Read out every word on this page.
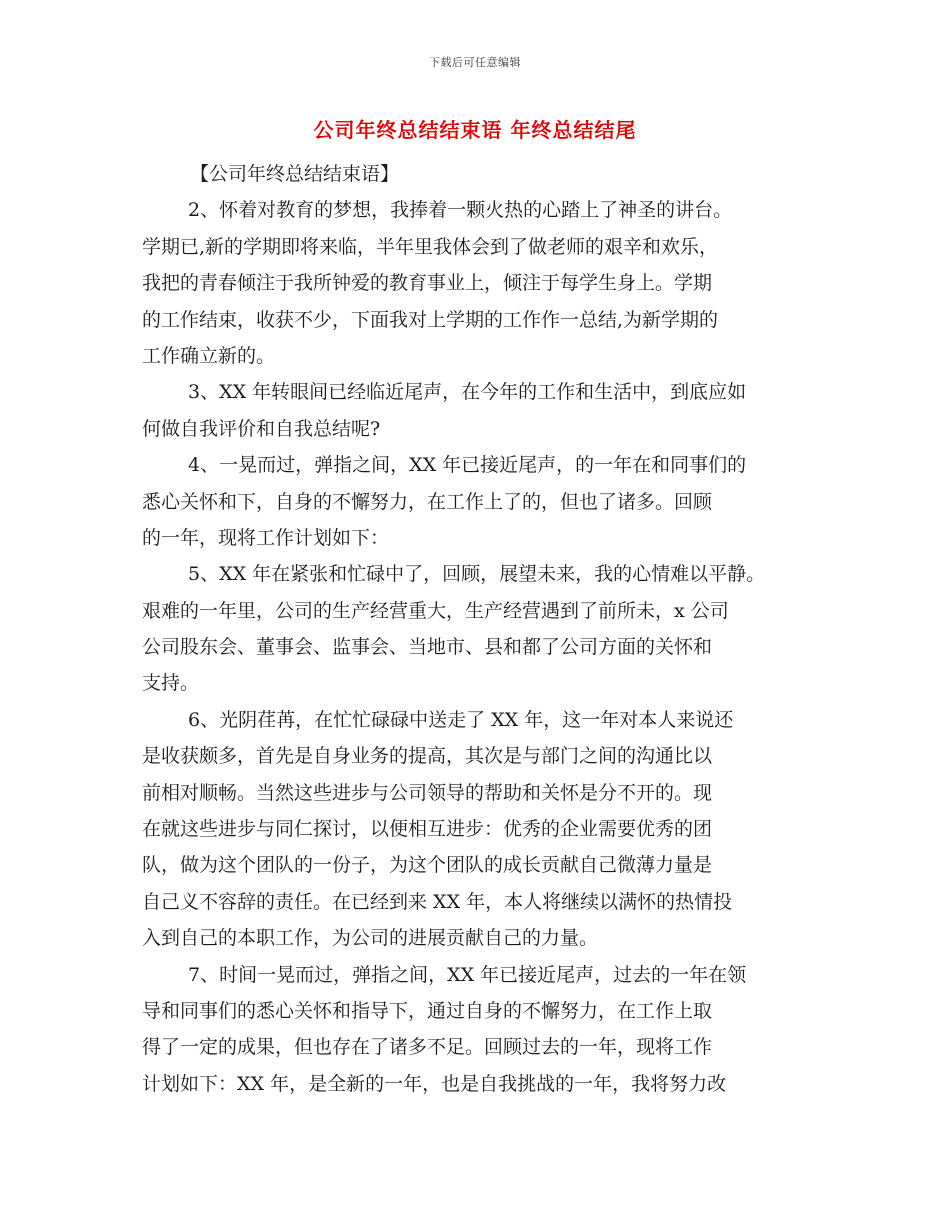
下载后可任意编辑
公司年终总结结束语 年终总结结尾
【公司年终总结结束语】
2、怀着对教育的梦想，我捧着一颗火热的心踏上了神圣的讲台。
学期已,新的学期即将来临，半年里我体会到了做老师的艰辛和欢乐，
我把的青春倾注于我所钟爱的教育事业上，倾注于每学生身上。学期
的工作结束，收获不少，下面我对上学期的工作作一总结,为新学期的
工作确立新的。
3、XX 年转眼间已经临近尾声，在今年的工作和生活中，到底应如
何做自我评价和自我总结呢?
4、一晃而过，弹指之间，XX 年已接近尾声，的一年在和同事们的
悉心关怀和下，自身的不懈努力，在工作上了的，但也了诸多。回顾
的一年，现将工作计划如下：
5、XX 年在紧张和忙碌中了，回顾，展望未来，我的心情难以平静。
艰难的一年里，公司的生产经营重大，生产经营遇到了前所未，x 公司
公司股东会、董事会、监事会、当地市、县和都了公司方面的关怀和
支持。
6、光阴荏苒，在忙忙碌碌中送走了 XX 年，这一年对本人来说还
是收获颇多，首先是自身业务的提高，其次是与部门之间的沟通比以
前相对顺畅。当然这些进步与公司领导的帮助和关怀是分不开的。现
在就这些进步与同仁探讨，以便相互进步：优秀的企业需要优秀的团
队，做为这个团队的一份子，为这个团队的成长贡献自己微薄力量是
自己义不容辞的责任。在已经到来 XX 年，本人将继续以满怀的热情投
入到自己的本职工作，为公司的进展贡献自己的力量。
7、时间一晃而过，弹指之间，XX 年已接近尾声，过去的一年在领
导和同事们的悉心关怀和指导下，通过自身的不懈努力，在工作上取
得了一定的成果，但也存在了诸多不足。回顾过去的一年，现将工作
计划如下：XX 年，是全新的一年，也是自我挑战的一年，我将努力改
